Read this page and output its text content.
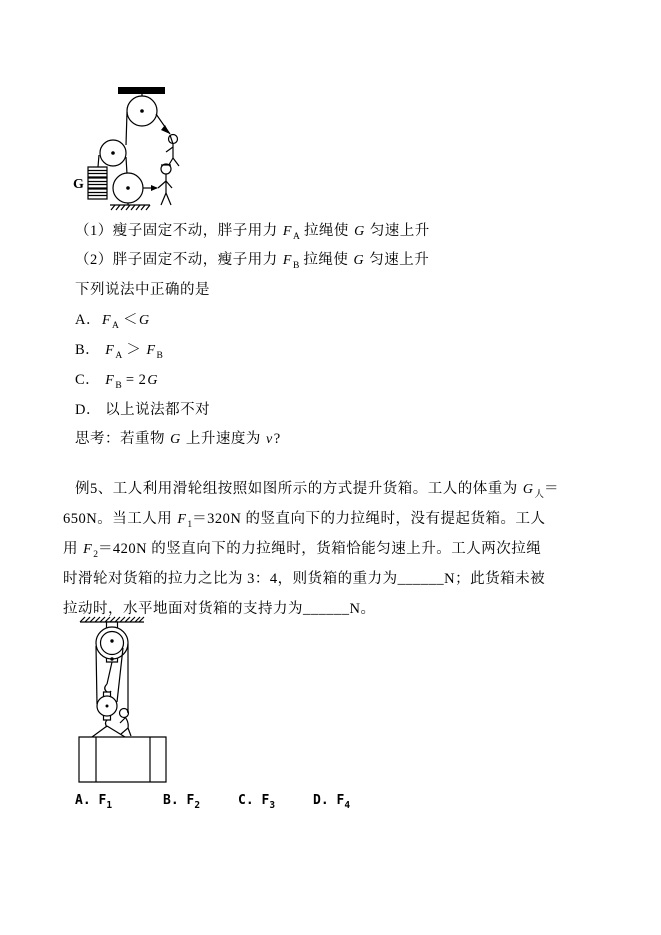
G
（1）瘦子固定不动，胖子用力 $F_A$ 拉绳使 G 匀速上升
（2）胖子固定不动，瘦子用力 $F_B$ 拉绳使 G 匀速上升
下列说法中正确的是
A．$F_A <G$
B． $F_A > F_B$
C． $F_B = 2G$
D． 以上说法都不对
思考：若重物 G 上升速度为 v?
例5、工人利用滑轮组按照如图所示的方式提升货箱。工人的体重为 $G_人=$
650N。当工人用 $F_1=320N$ 的竖直向下的力拉绳时，没有提起货箱。工人
用 $F_2=420N$ 的竖直向下的力拉绳时，货箱恰能匀速上升。工人两次拉绳
时滑轮对货箱的拉力之比为 3：4，则货箱的重力为______N；此货箱未被
拉动时，水平地面对货箱的支持力为______N。
A. $F_1$	B. $F_2$	C. $F_3$	D. $F_4$
